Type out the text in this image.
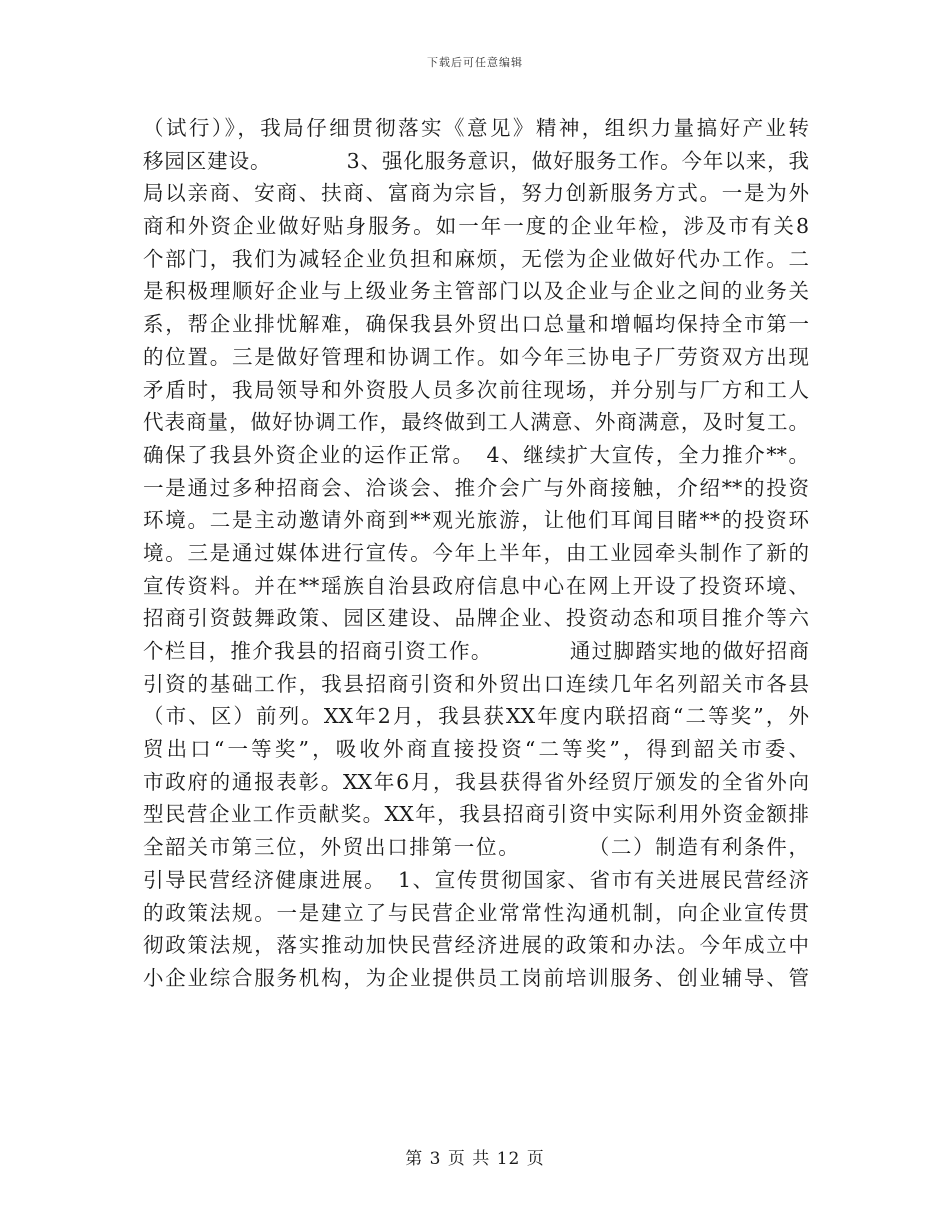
下载后可任意编辑
（试行）》，我局仔细贯彻落实《意见》精神，组织力量搞好产业转
移园区建设。　　　　3、强化服务意识，做好服务工作。今年以来，我
局以亲商、安商、扶商、富商为宗旨，努力创新服务方式。一是为外
商和外资企业做好贴身服务。如一年一度的企业年检，涉及市有关8
个部门，我们为减轻企业负担和麻烦，无偿为企业做好代办工作。二
是积极理顺好企业与上级业务主管部门以及企业与企业之间的业务关
系，帮企业排忧解难，确保我县外贸出口总量和增幅均保持全市第一
的位置。三是做好管理和协调工作。如今年三协电子厂劳资双方出现
矛盾时，我局领导和外资股人员多次前往现场，并分别与厂方和工人
代表商量，做好协调工作，最终做到工人满意、外商满意，及时复工。
确保了我县外资企业的运作正常。　4、继续扩大宣传，全力推介**。
一是通过多种招商会、洽谈会、推介会广与外商接触，介绍**的投资
环境。二是主动邀请外商到**观光旅游，让他们耳闻目睹**的投资环
境。三是通过媒体进行宣传。今年上半年，由工业园牵头制作了新的
宣传资料。并在**瑶族自治县政府信息中心在网上开设了投资环境、
招商引资鼓舞政策、园区建设、品牌企业、投资动态和项目推介等六
个栏目，推介我县的招商引资工作。　　　　通过脚踏实地的做好招商
引资的基础工作，我县招商引资和外贸出口连续几年名列韶关市各县
（市、区）前列。XX年2月，我县获XX年度内联招商“二等奖”，外
贸出口“一等奖”，吸收外商直接投资“二等奖”，得到韶关市委、
市政府的通报表彰。XX年6月，我县获得省外经贸厅颁发的全省外向
型民营企业工作贡献奖。XX年，我县招商引资中实际利用外资金额排
全韶关市第三位，外贸出口排第一位。　　　　（二）制造有利条件，
引导民营经济健康进展。　1、宣传贯彻国家、省市有关进展民营经济
的政策法规。一是建立了与民营企业常常性沟通机制，向企业宣传贯
彻政策法规，落实推动加快民营经济进展的政策和办法。今年成立中
小企业综合服务机构，为企业提供员工岗前培训服务、创业辅导、管
第 3 页 共 12 页
